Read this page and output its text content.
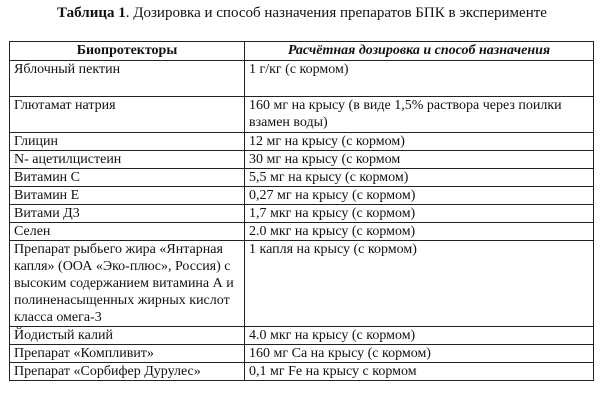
Таблица 1. Дозировка и способ назначения препаратов БПК в эксперименте
Биопротекторы	Расчётная дозировка и способ назначения
Яблочный пектин	1 г/кг (с кормом)
Глютамат натрия	160 мг на крысу (в виде 1,5% раствора через поилки взамен воды)
Глицин	12 мг на крысу (с кормом)
N- ацетилцистеин	30 мг на крысу (с кормом
Витамин С	5,5 мг на крысу (с кормом)
Витамин Е	0,27 мг на крысу (с кормом)
Витами Д3	1,7 мкг на крысу (с кормом)
Селен	2.0 мкг на крысу (с кормом)
Препарат рыбьего жира «Янтарная капля» (ООА «Эко-плюс», Россия) с высоким содержанием витамина А и полиненасыщенных жирных кислот класса омега-3	1 капля на крысу (с кормом)
Йодистый калий	4.0 мкг на крысу (с кормом)
Препарат «Компливит»	160 мг Са на крысу (с кормом)
Препарат «Сорбифер Дурулес»	0,1 мг Fe на крысу с кормом
